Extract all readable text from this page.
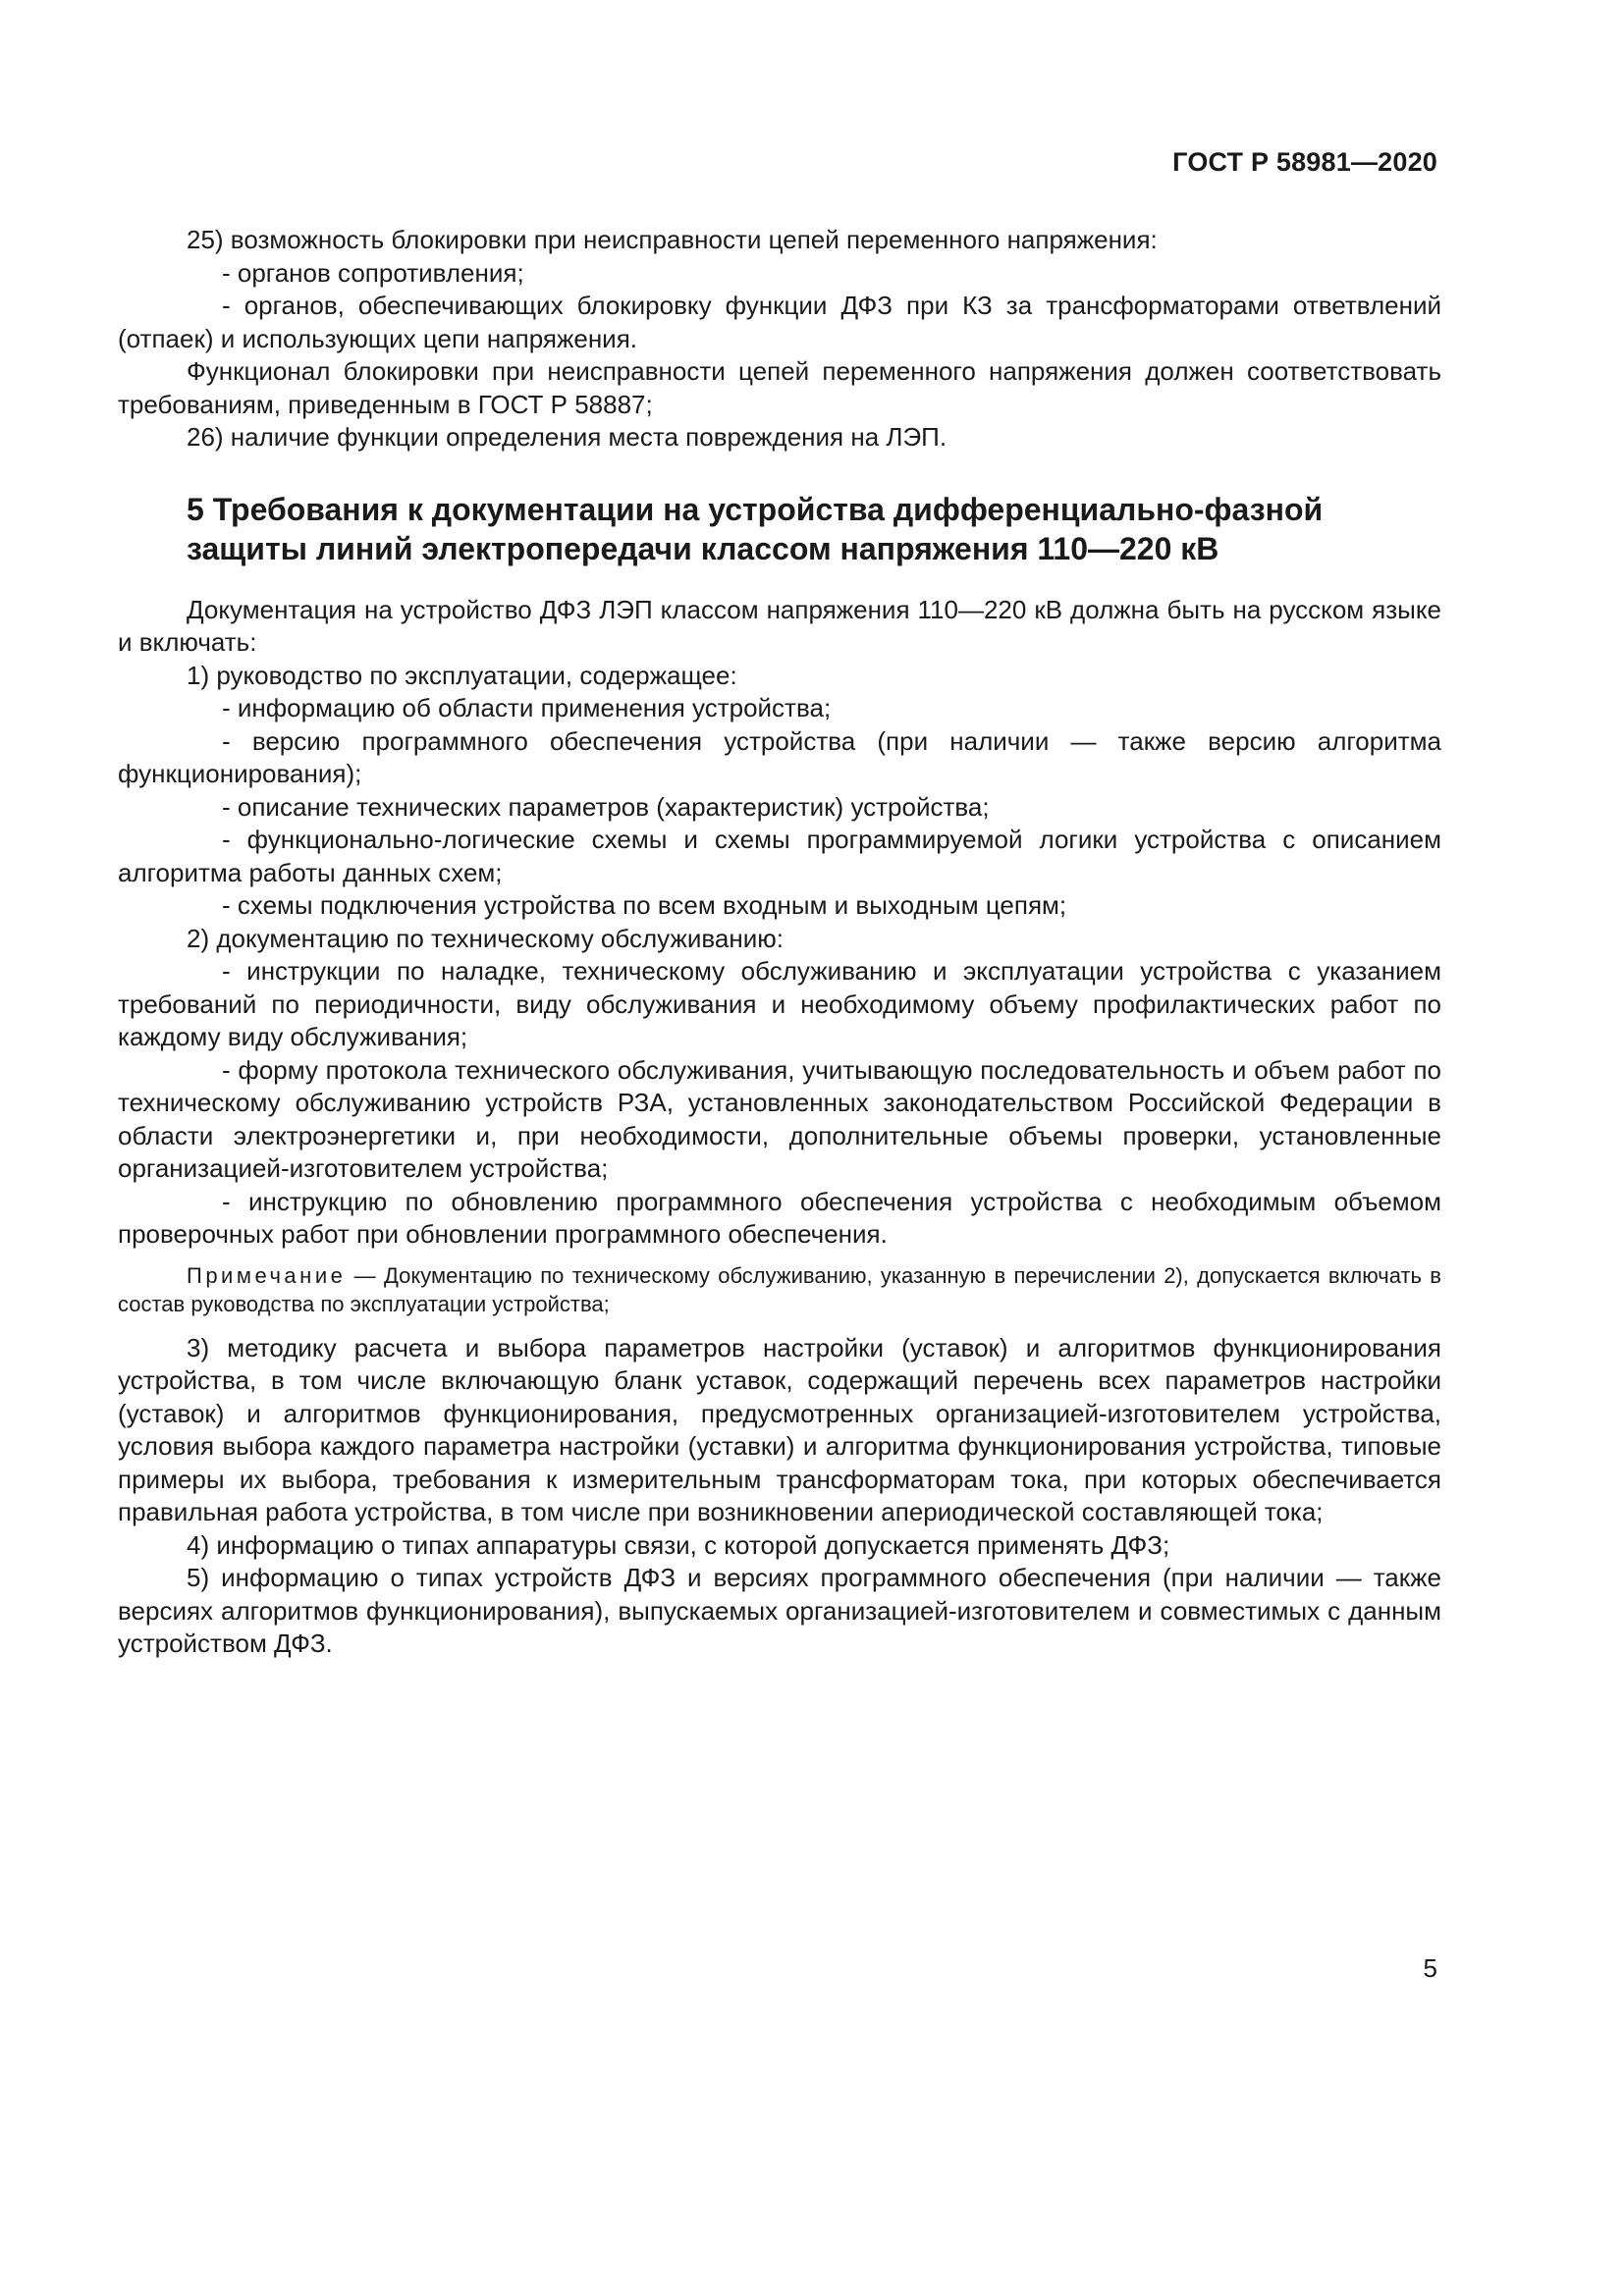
ГОСТ Р 58981—2020

25) возможность блокировки при неисправности цепей переменного напряжения:

- органов сопротивления;

- органов, обеспечивающих блокировку функции ДФЗ при КЗ за трансформаторами ответвлений (отпаек) и использующих цепи напряжения.

Функционал блокировки при неисправности цепей переменного напряжения должен соответствовать требованиям, приведенным в ГОСТ Р 58887;

26) наличие функции определения места повреждения на ЛЭП.

5 Требования к документации на устройства дифференциально-фазной защиты линий электропередачи классом напряжения 110—220 кВ

Документация на устройство ДФЗ ЛЭП классом напряжения 110—220 кВ должна быть на русском языке и включать:

1) руководство по эксплуатации, содержащее:

- информацию об области применения устройства;

- версию программного обеспечения устройства (при наличии — также версию алгоритма функционирования);

- описание технических параметров (характеристик) устройства;

- функционально-логические схемы и схемы программируемой логики устройства с описанием алгоритма работы данных схем;

- схемы подключения устройства по всем входным и выходным цепям;

2) документацию по техническому обслуживанию:

- инструкции по наладке, техническому обслуживанию и эксплуатации устройства с указанием требований по периодичности, виду обслуживания и необходимому объему профилактических работ по каждому виду обслуживания;

- форму протокола технического обслуживания, учитывающую последовательность и объем работ по техническому обслуживанию устройств РЗА, установленных законодательством Российской Федерации в области электроэнергетики и, при необходимости, дополнительные объемы проверки, установленные организацией-изготовителем устройства;

- инструкцию по обновлению программного обеспечения устройства с необходимым объемом проверочных работ при обновлении программного обеспечения.

Примечание — Документацию по техническому обслуживанию, указанную в перечислении 2), допускается включать в состав руководства по эксплуатации устройства;

3) методику расчета и выбора параметров настройки (уставок) и алгоритмов функционирования устройства, в том числе включающую бланк уставок, содержащий перечень всех параметров настройки (уставок) и алгоритмов функционирования, предусмотренных организацией-изготовителем устройства, условия выбора каждого параметра настройки (уставки) и алгоритма функционирования устройства, типовые примеры их выбора, требования к измерительным трансформаторам тока, при которых обеспечивается правильная работа устройства, в том числе при возникновении апериодической составляющей тока;

4) информацию о типах аппаратуры связи, с которой допускается применять ДФЗ;

5) информацию о типах устройств ДФЗ и версиях программного обеспечения (при наличии — также версиях алгоритмов функционирования), выпускаемых организацией-изготовителем и совместимых с данным устройством ДФЗ.

5
